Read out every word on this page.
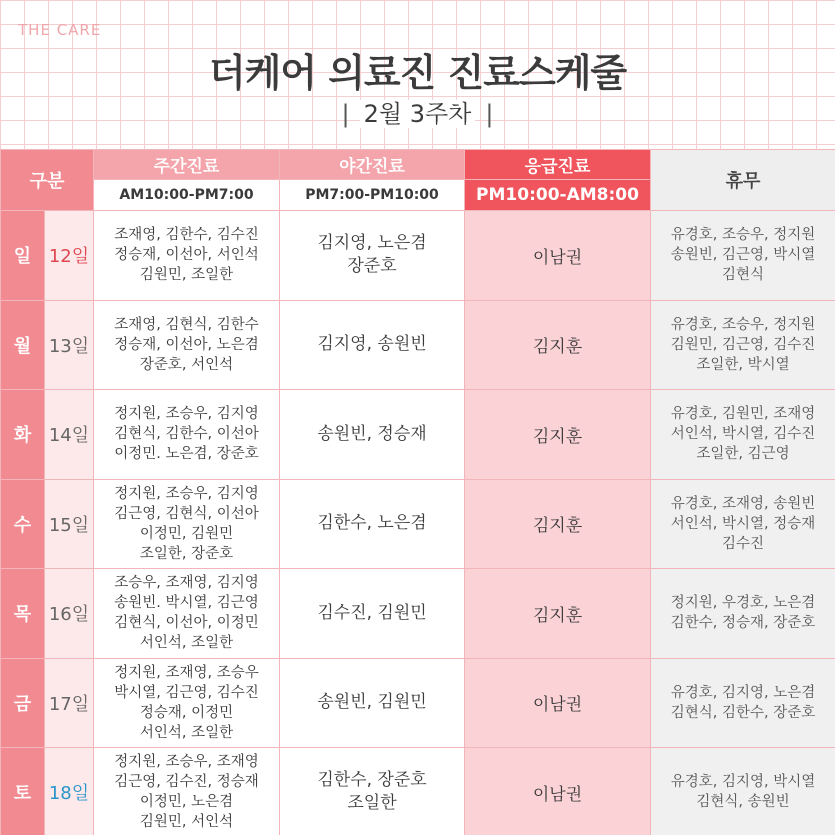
THE CARE
더케어 의료진 진료스케줄
| 2월 3주차 |
구분		주간진료	야간진료	응급진료	휴무
		AM10:00-PM7:00	PM7:00-PM10:00	PM10:00-AM8:00	
일	12일	조재영, 김한수, 김수진
정승재, 이선아, 서인석
김원민, 조일한	김지영, 노은겸
장준호	이남권	유경호, 조승우, 정지원
송원빈, 김근영, 박시열
김현식

월	13일	조재영, 김현식, 김한수
정승재, 이선아, 노은겸
장준호, 서인석	김지영, 송원빈	김지훈	유경호, 조승우, 정지원
김원민, 김근영, 김수진
조일한, 박시열

화	14일	정지원, 조승우, 김지영
김현식, 김한수, 이선아
이정민. 노은겸, 장준호	송원빈, 정승재	김지훈	유경호, 김원민, 조재영
서인석, 박시열, 김수진
조일한, 김근영

수	15일	정지원, 조승우, 김지영
김근영, 김현식, 이선아
이정민, 김원민
조일한, 장준호	김한수, 노은겸	김지훈	유경호, 조재영, 송원빈
서인석, 박시열, 정승재
김수진

목	16일	조승우, 조재영, 김지영
송원빈. 박시열, 김근영
김현식, 이선아, 이정민
서인석, 조일한	김수진, 김원민	김지훈	정지원, 우경호, 노은겸
김한수, 정승재, 장준호

금	17일	정지원, 조재영, 조승우
박시열, 김근영, 김수진
정승재, 이정민
서인석, 조일한	송원빈, 김원민	이남권	유경호, 김지영, 노은겸
김현식, 김한수, 장준호

토	18일	정지원, 조승우, 조재영
김근영, 김수진, 정승재
이정민, 노은겸
김원민, 서인석	김한수, 장준호
조일한	이남권	유경호, 김지영, 박시열
김현식, 송원빈
